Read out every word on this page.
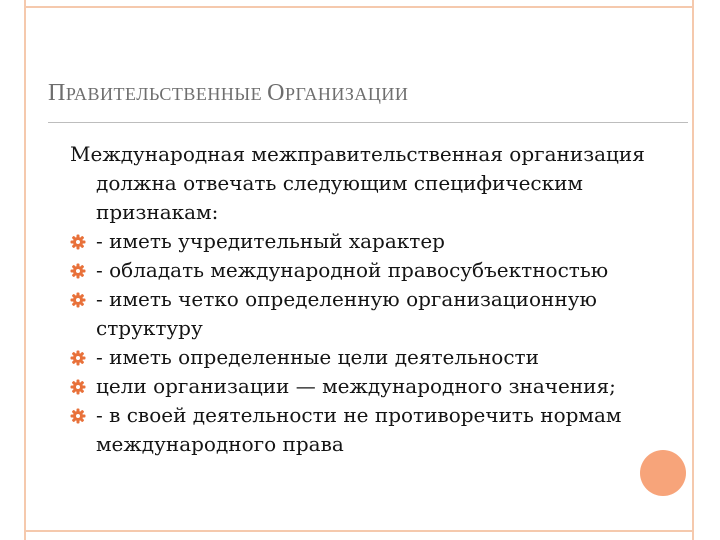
ПРАВИТЕЛЬСТВЕННЫЕ ОРГАНИЗАЦИИ

Международная межправительственная организация должна отвечать следующим специфическим признакам:

- иметь учредительный характер
- обладать международной правосубъектностью
- иметь четко определенную организационную структуру
- иметь определенные цели деятельности
цели организации — международного значения;
- в своей деятельности не противоречить нормам международного права
